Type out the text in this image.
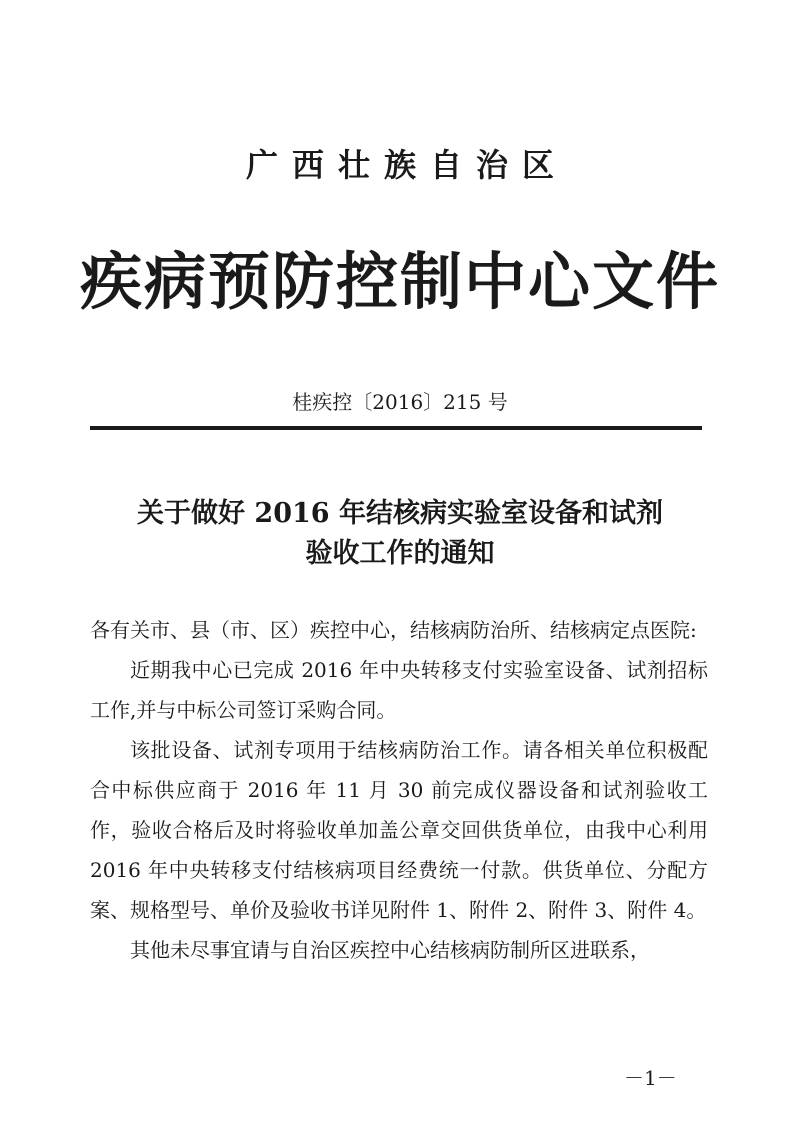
广西壮族自治区
疾病预防控制中心文件
桂疾控〔2016〕215 号
关于做好 2016 年结核病实验室设备和试剂
验收工作的通知

各有关市、县（市、区）疾控中心，结核病防治所、结核病定点医院:

近期我中心已完成 2016 年中央转移支付实验室设备、试剂招标工作,并与中标公司签订采购合同。

该批设备、试剂专项用于结核病防治工作。请各相关单位积极配合中标供应商于 2016 年 11 月 30 前完成仪器设备和试剂验收工作，验收合格后及时将验收单加盖公章交回供货单位，由我中心利用 2016 年中央转移支付结核病项目经费统一付款。供货单位、分配方案、规格型号、单价及验收书详见附件 1、附件 2、附件 3、附件 4。

其他未尽事宜请与自治区疾控中心结核病防制所区进联系，

－1－
